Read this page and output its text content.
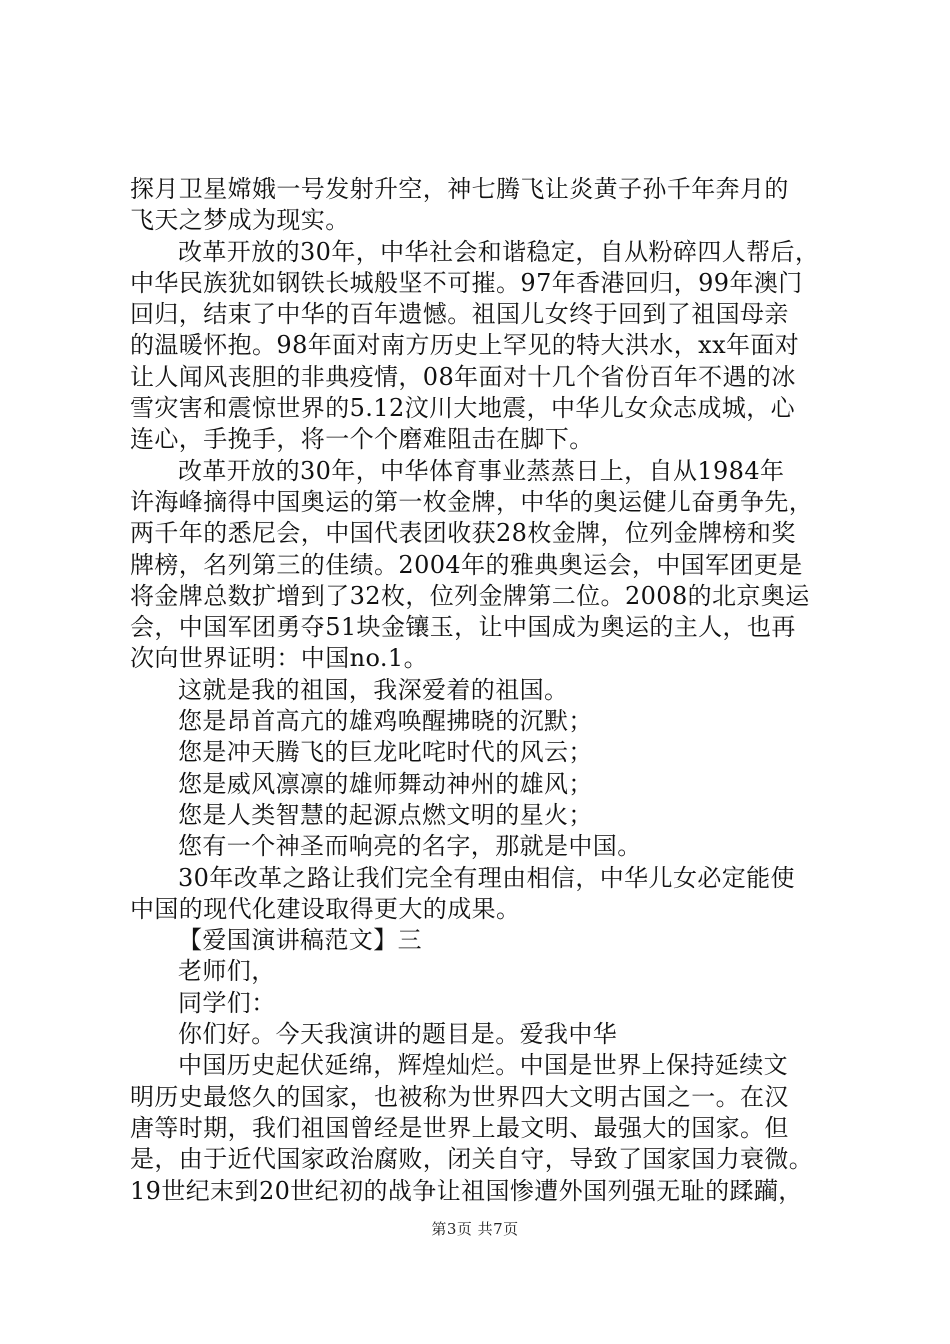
探月卫星嫦娥一号发射升空，神七腾飞让炎黄子孙千年奔月的
飞天之梦成为现实。
改革开放的30年，中华社会和谐稳定，自从粉碎四人帮后，
中华民族犹如钢铁长城般坚不可摧。97年香港回归，99年澳门
回归，结束了中华的百年遗憾。祖国儿女终于回到了祖国母亲
的温暖怀抱。98年面对南方历史上罕见的特大洪水，xx年面对
让人闻风丧胆的非典疫情，08年面对十几个省份百年不遇的冰
雪灾害和震惊世界的5.12汶川大地震，中华儿女众志成城，心
连心，手挽手，将一个个磨难阻击在脚下。
改革开放的30年，中华体育事业蒸蒸日上，自从1984年
许海峰摘得中国奥运的第一枚金牌，中华的奥运健儿奋勇争先，
两千年的悉尼会，中国代表团收获28枚金牌，位列金牌榜和奖
牌榜，名列第三的佳绩。2004年的雅典奥运会，中国军团更是
将金牌总数扩增到了32枚，位列金牌第二位。2008的北京奥运
会，中国军团勇夺51块金镶玉，让中国成为奥运的主人，也再
次向世界证明：中国no.1。
这就是我的祖国，我深爱着的祖国。
您是昂首高亢的雄鸡唤醒拂晓的沉默；
您是冲天腾飞的巨龙叱咤时代的风云；
您是威风凛凛的雄师舞动神州的雄风；
您是人类智慧的起源点燃文明的星火；
您有一个神圣而响亮的名字，那就是中国。
30年改革之路让我们完全有理由相信，中华儿女必定能使
中国的现代化建设取得更大的成果。
【爱国演讲稿范文】三
老师们，
同学们：
你们好。今天我演讲的题目是。爱我中华
中国历史起伏延绵，辉煌灿烂。中国是世界上保持延续文
明历史最悠久的国家，也被称为世界四大文明古国之一。在汉
唐等时期，我们祖国曾经是世界上最文明、最强大的国家。但
是，由于近代国家政治腐败，闭关自守，导致了国家国力衰微。
19世纪末到20世纪初的战争让祖国惨遭外国列强无耻的蹂躏，
第3页 共7页
